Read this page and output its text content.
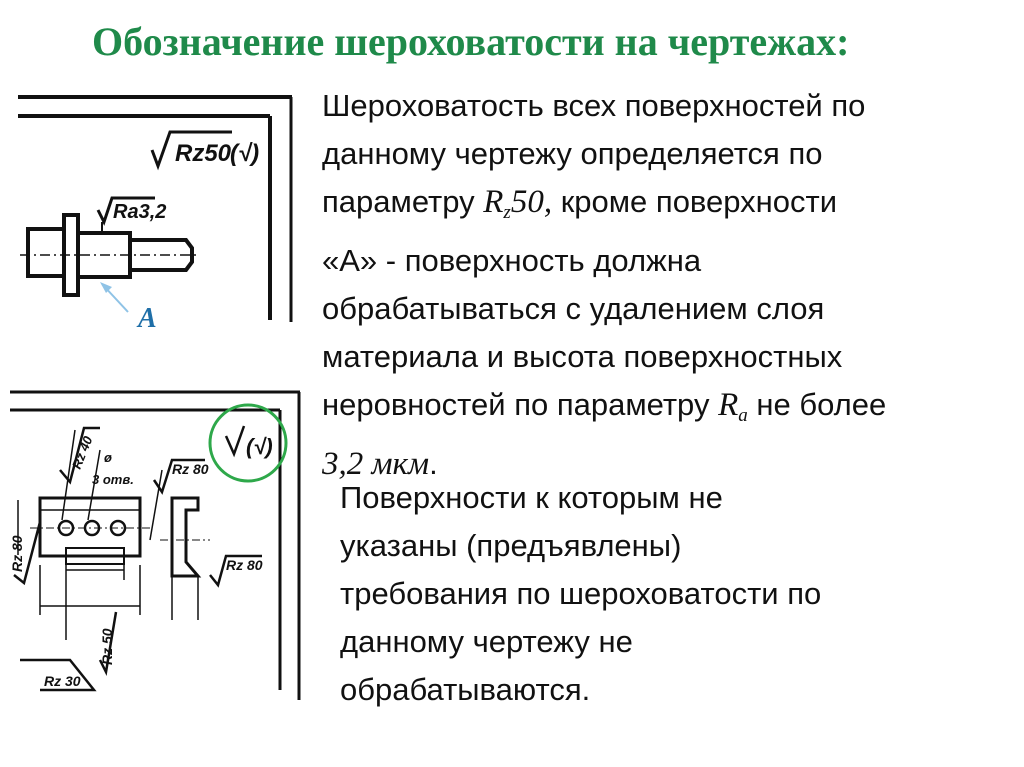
Обозначение шероховатости на чертежах:
Шероховатость всех поверхностей по
данному чертежу определяется по
параметру $R_z50$, кроме поверхности
«А» - поверхность должна
обрабатываться с удалением слоя
материала и высота поверхностных
неровностей по параметру $R_a$ не более
3,2 мкм.
Поверхности к которым не
указаны (предъявлены)
требования по шероховатости по
данному чертежу не
обрабатываются.
Rz50
(√)
Ra3,2
A
Rz 40 ø
3 отв.
Rz 80
Rz 80
Rz 80
Rz 50
Rz 30
(√)
